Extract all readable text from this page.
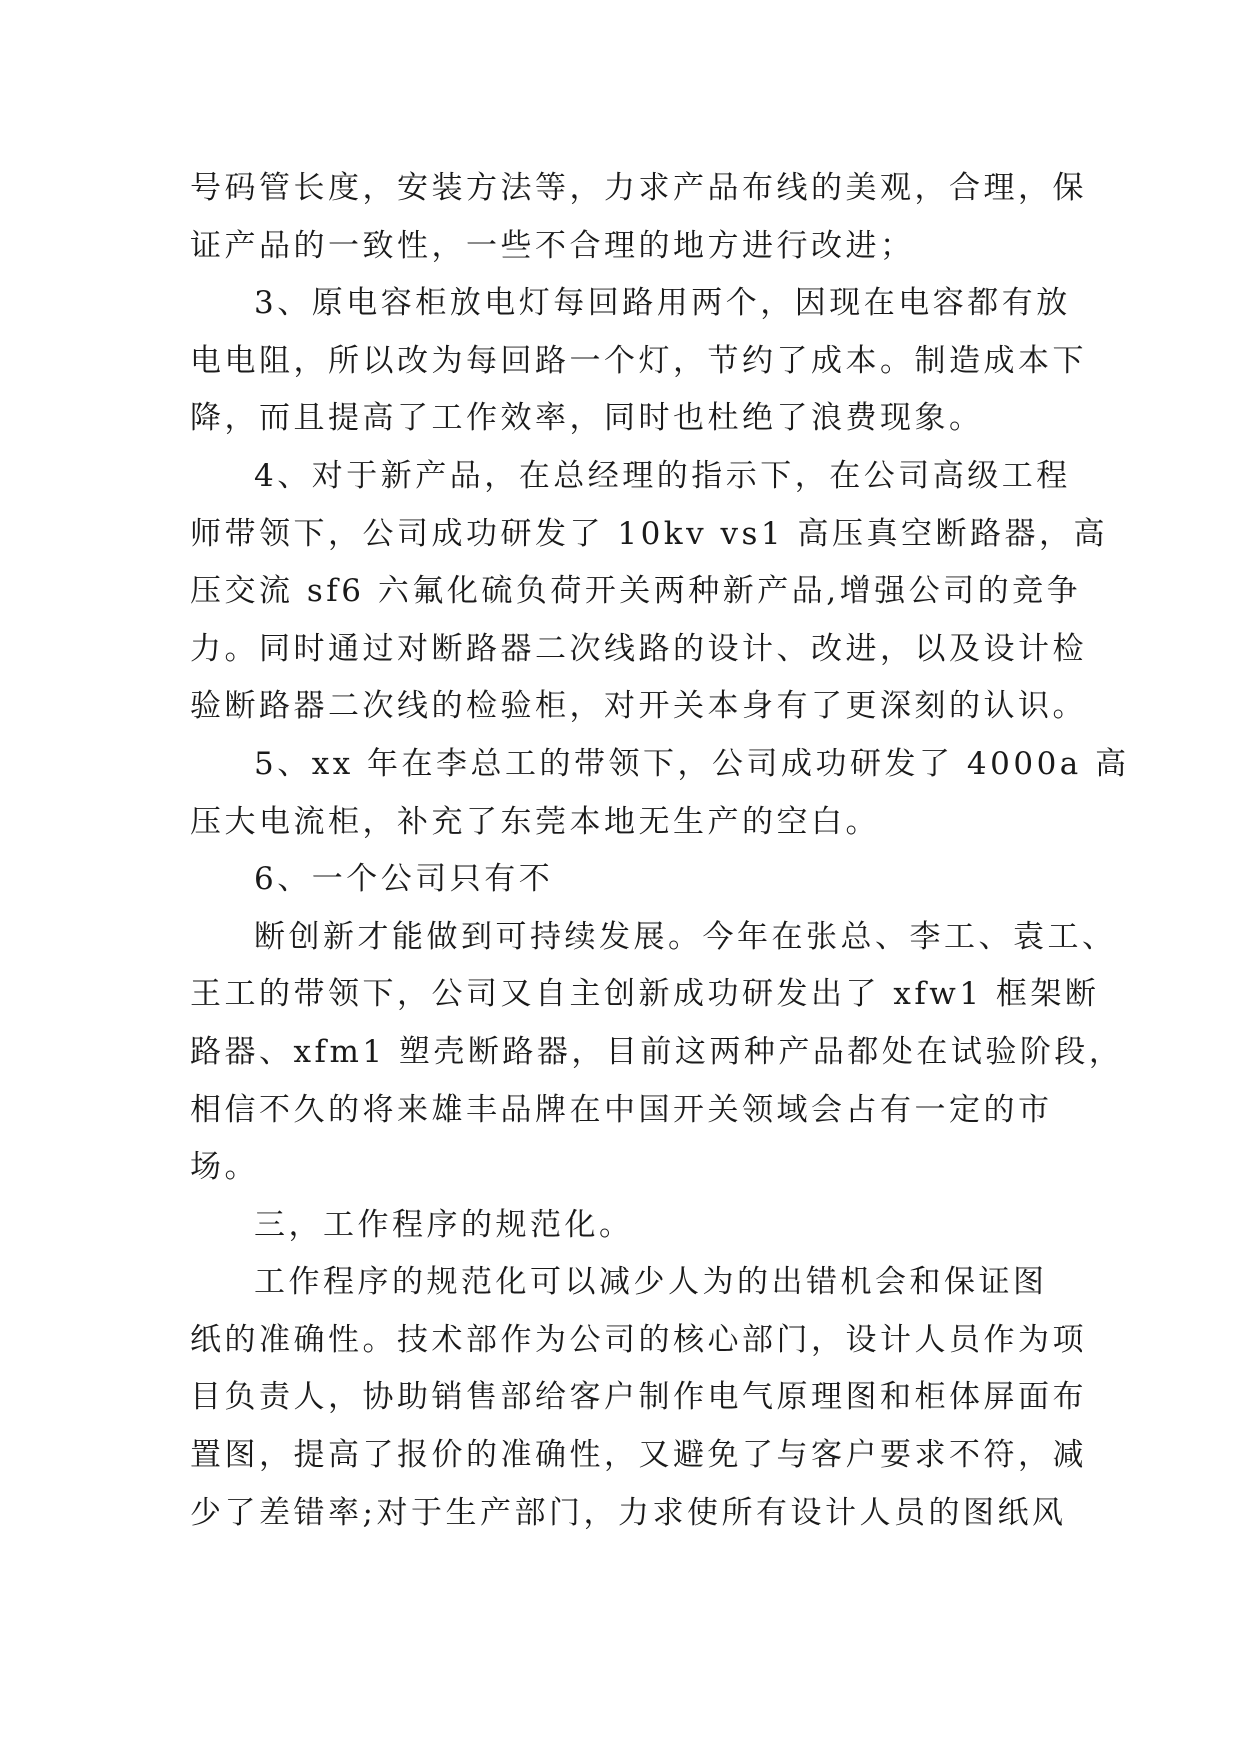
号码管长度，安装方法等，力求产品布线的美观，合理，保
证产品的一致性，一些不合理的地方进行改进；
3、原电容柜放电灯每回路用两个，因现在电容都有放
电电阻，所以改为每回路一个灯，节约了成本。制造成本下
降，而且提高了工作效率，同时也杜绝了浪费现象。
4、对于新产品，在总经理的指示下，在公司高级工程
师带领下，公司成功研发了 10kv vs1 高压真空断路器，高
压交流 sf6 六氟化硫负荷开关两种新产品,增强公司的竞争
力。同时通过对断路器二次线路的设计、改进，以及设计检
验断路器二次线的检验柜，对开关本身有了更深刻的认识。
5、xx 年在李总工的带领下，公司成功研发了 4000a 高
压大电流柜，补充了东莞本地无生产的空白。
6、一个公司只有不
断创新才能做到可持续发展。今年在张总、李工、袁工、
王工的带领下，公司又自主创新成功研发出了 xfw1 框架断
路器、xfm1 塑壳断路器，目前这两种产品都处在试验阶段，
相信不久的将来雄丰品牌在中国开关领域会占有一定的市
场。
三，工作程序的规范化。
工作程序的规范化可以减少人为的出错机会和保证图
纸的准确性。技术部作为公司的核心部门，设计人员作为项
目负责人，协助销售部给客户制作电气原理图和柜体屏面布
置图，提高了报价的准确性，又避免了与客户要求不符，减
少了差错率;对于生产部门，力求使所有设计人员的图纸风
